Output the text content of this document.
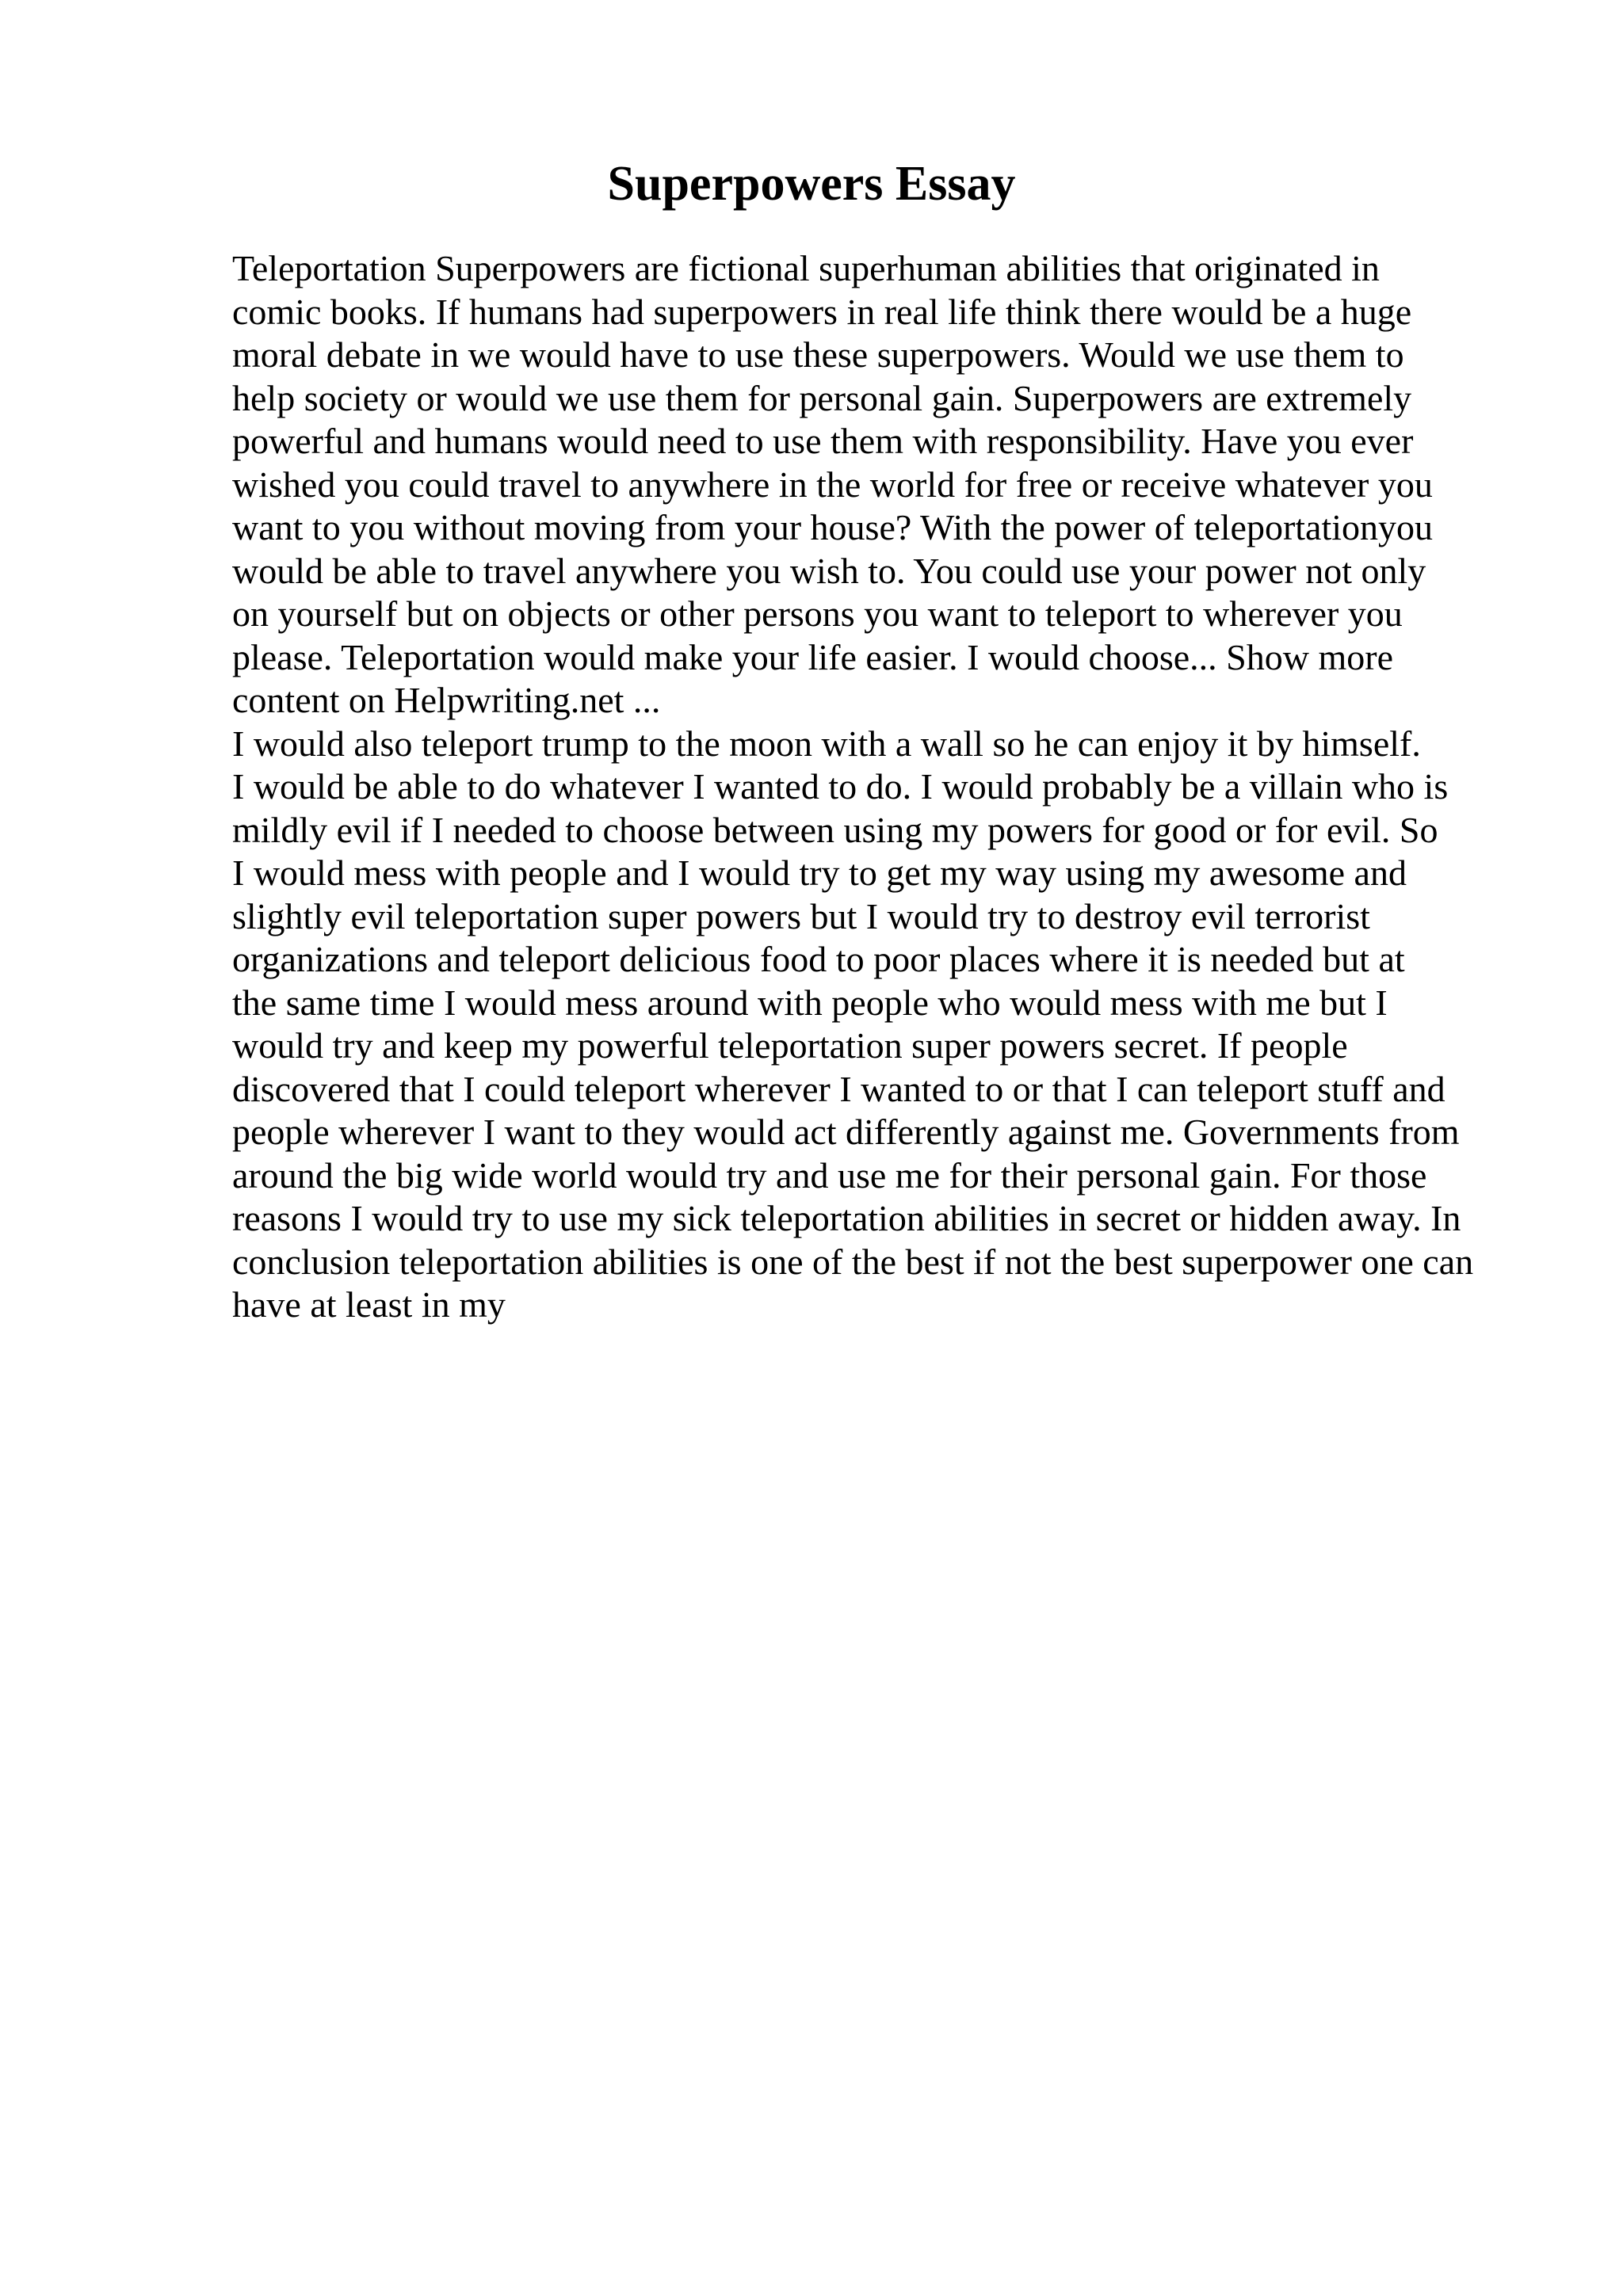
Superpowers Essay
Teleportation Superpowers are fictional superhuman abilities that originated in
comic books. If humans had superpowers in real life think there would be a huge
moral debate in we would have to use these superpowers. Would we use them to
help society or would we use them for personal gain. Superpowers are extremely
powerful and humans would need to use them with responsibility. Have you ever
wished you could travel to anywhere in the world for free or receive whatever you
want to you without moving from your house? With the power of teleportationyou
would be able to travel anywhere you wish to. You could use your power not only
on yourself but on objects or other persons you want to teleport to wherever you
please. Teleportation would make your life easier. I would choose... Show more
content on Helpwriting.net ...
I would also teleport trump to the moon with a wall so he can enjoy it by himself.
I would be able to do whatever I wanted to do. I would probably be a villain who is
mildly evil if I needed to choose between using my powers for good or for evil. So
I would mess with people and I would try to get my way using my awesome and
slightly evil teleportation super powers but I would try to destroy evil terrorist
organizations and teleport delicious food to poor places where it is needed but at
the same time I would mess around with people who would mess with me but I
would try and keep my powerful teleportation super powers secret. If people
discovered that I could teleport wherever I wanted to or that I can teleport stuff and
people wherever I want to they would act differently against me. Governments from
around the big wide world would try and use me for their personal gain. For those
reasons I would try to use my sick teleportation abilities in secret or hidden away. In
conclusion teleportation abilities is one of the best if not the best superpower one can
have at least in my
